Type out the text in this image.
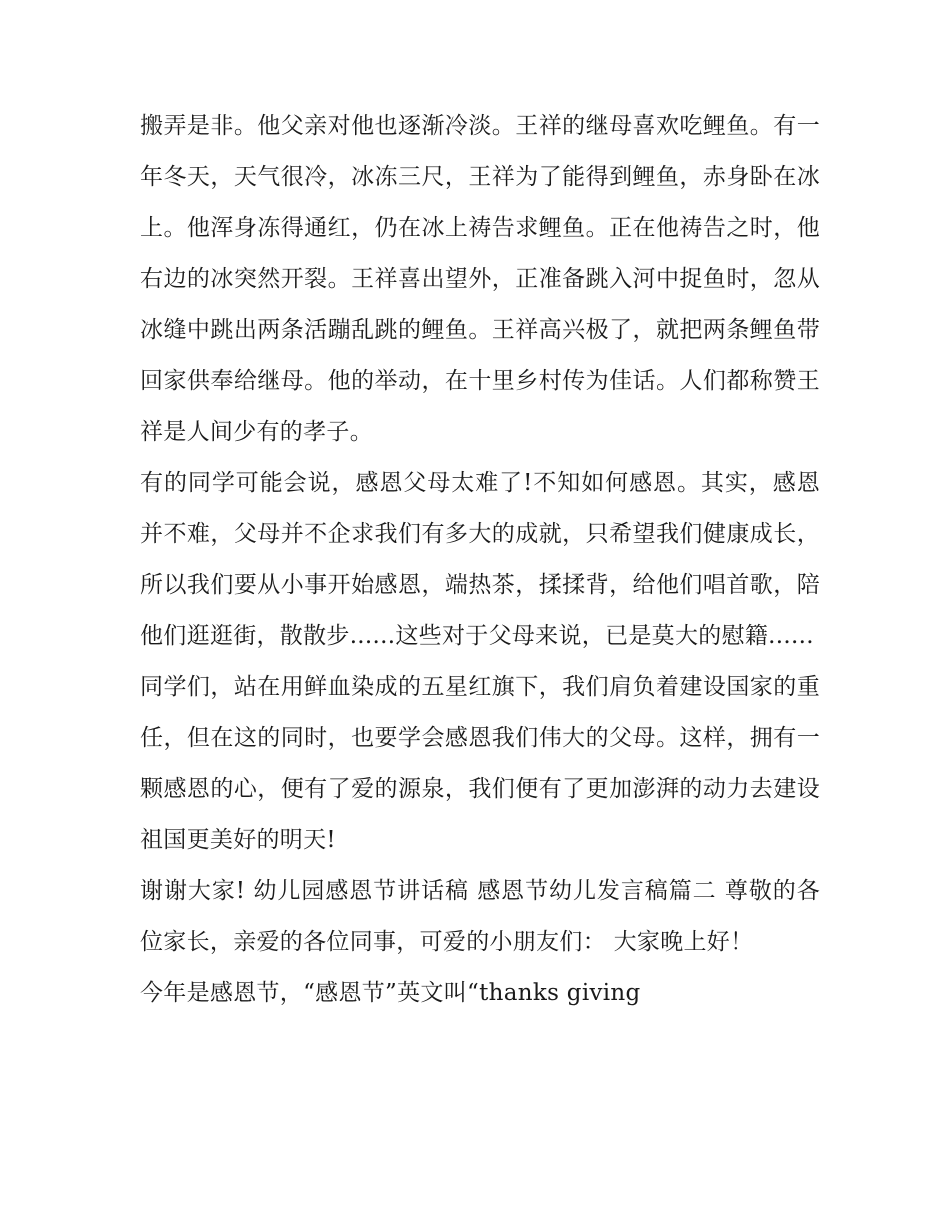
搬弄是非。他父亲对他也逐渐冷淡。王祥的继母喜欢吃鲤鱼。有一年冬天，天气很冷，冰冻三尺，王祥为了能得到鲤鱼，赤身卧在冰上。他浑身冻得通红，仍在冰上祷告求鲤鱼。正在他祷告之时，他右边的冰突然开裂。王祥喜出望外，正准备跳入河中捉鱼时，忽从冰缝中跳出两条活蹦乱跳的鲤鱼。王祥高兴极了，就把两条鲤鱼带回家供奉给继母。他的举动，在十里乡村传为佳话。人们都称赞王祥是人间少有的孝子。

有的同学可能会说，感恩父母太难了!不知如何感恩。其实，感恩并不难，父母并不企求我们有多大的成就，只希望我们健康成长，所以我们要从小事开始感恩，端热茶，揉揉背，给他们唱首歌，陪他们逛逛街，散散步......这些对于父母来说，已是莫大的慰籍......

同学们，站在用鲜血染成的五星红旗下，我们肩负着建设国家的重任，但在这的同时，也要学会感恩我们伟大的父母。这样，拥有一颗感恩的心，便有了爱的源泉，我们便有了更加澎湃的动力去建设祖国更美好的明天!

谢谢大家! 幼儿园感恩节讲话稿 感恩节幼儿发言稿篇二 尊敬的各位家长，亲爱的各位同事，可爱的小朋友们： 大家晚上好！

今年是感恩节，“感恩节”英文叫“thanks giving
